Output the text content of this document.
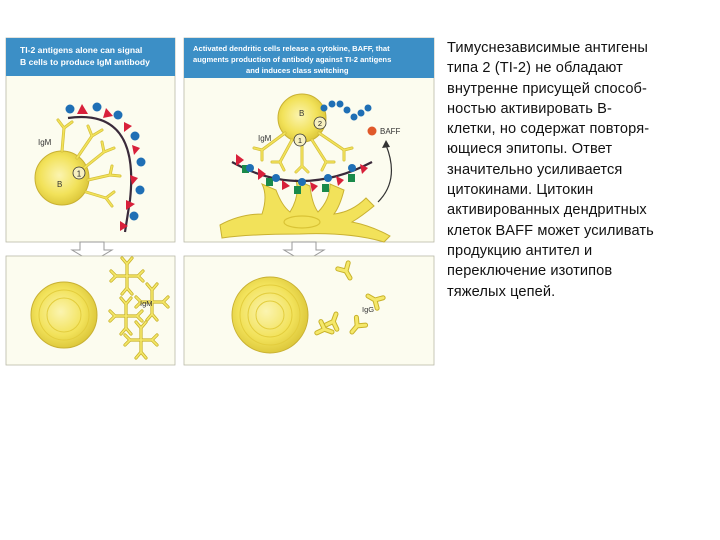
TI-2 antigens alone can signal
B cells to produce IgM antibody
1
IgM
B
IgM
Activated dendritic cells release a cytokine, BAFF, that
augments production of antibody against TI-2 antigens
and induces class switching
1
2
B
IgM
BAFF
IgG
Тимуснезависимые антигены
типа 2 (TI-2) не обладают
внутренне присущей способ-
ностью активировать B-
клетки, но содержат повторя-
ющиеся эпитопы. Ответ
значительно усиливается
цитокинами. Цитокин
активированных дендритных
клеток BAFF может усиливать
продукцию антител и
переключение изотипов
тяжелых цепей.
